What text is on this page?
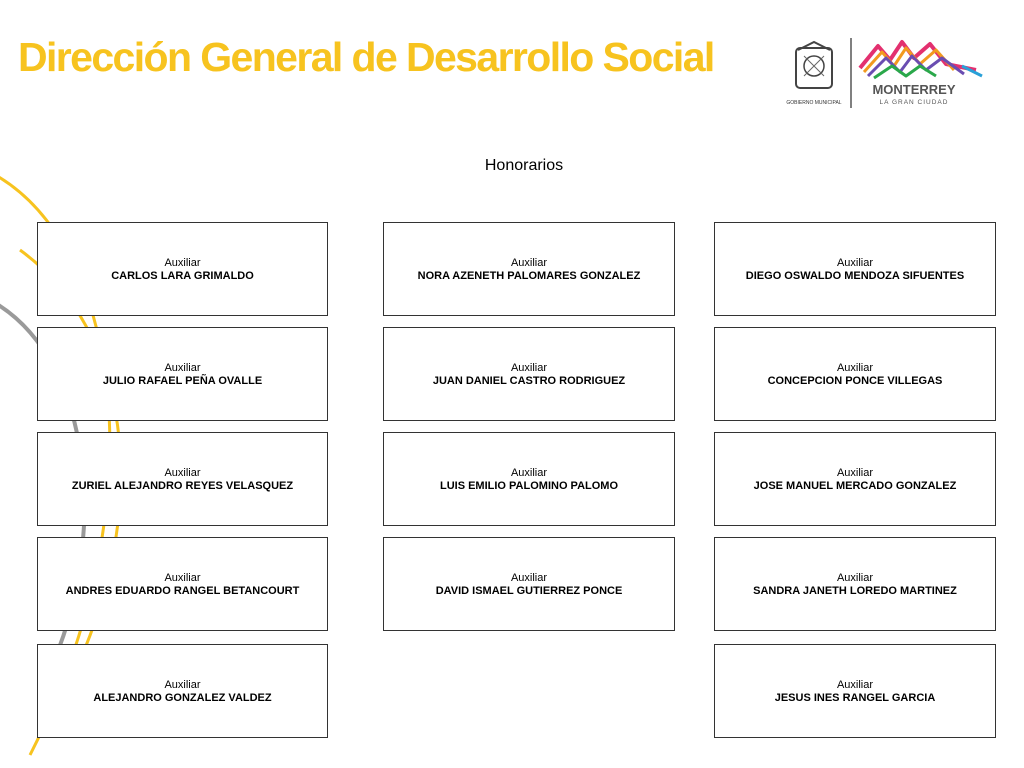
Dirección General de Desarrollo Social
GOBIERNO MUNICIPAL
MONTERREY
LA GRAN CIUDAD
Honorarios
Auxiliar
CARLOS LARA GRIMALDO
Auxiliar
NORA AZENETH PALOMARES GONZALEZ
Auxiliar
DIEGO OSWALDO MENDOZA SIFUENTES
Auxiliar
JULIO RAFAEL PEÑA OVALLE
Auxiliar
JUAN DANIEL CASTRO RODRIGUEZ
Auxiliar
CONCEPCION PONCE VILLEGAS
Auxiliar
ZURIEL ALEJANDRO REYES VELASQUEZ
Auxiliar
LUIS EMILIO PALOMINO PALOMO
Auxiliar
JOSE MANUEL MERCADO GONZALEZ
Auxiliar
ANDRES EDUARDO RANGEL BETANCOURT
Auxiliar
DAVID ISMAEL GUTIERREZ PONCE
Auxiliar
SANDRA JANETH LOREDO MARTINEZ
Auxiliar
ALEJANDRO GONZALEZ VALDEZ
Auxiliar
JESUS INES RANGEL GARCIA
